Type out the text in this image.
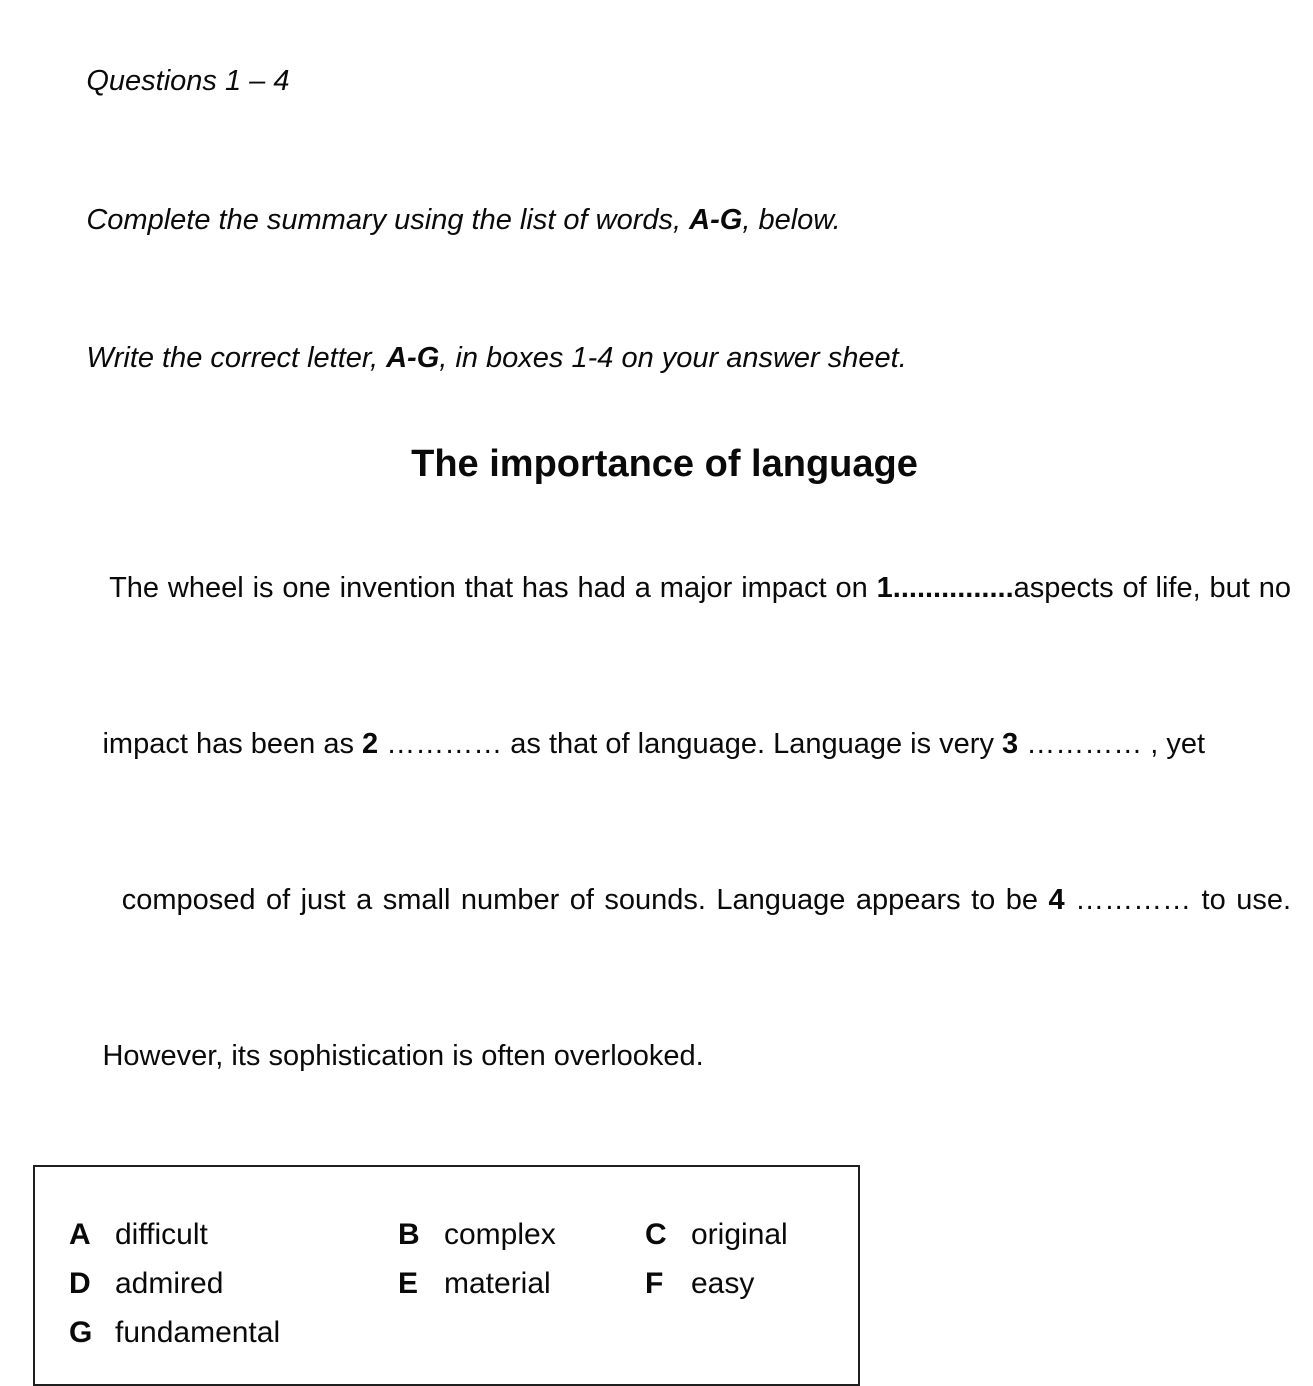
Questions 1 – 4

Complete the summary using the list of words, A-G, below.

Write the correct letter, A-G, in boxes 1-4 on your answer sheet.

The importance of language

The wheel is one invention that has had a major impact on 1...............aspects of life, but no

impact has been as 2 ………… as that of language. Language is very 3 ………… , yet

composed of just a small number of sounds. Language appears to be 4 ………… to use.

However, its sophistication is often overlooked.

A difficult	B complex	C original
D admired	E material	F easy
G fundamental
